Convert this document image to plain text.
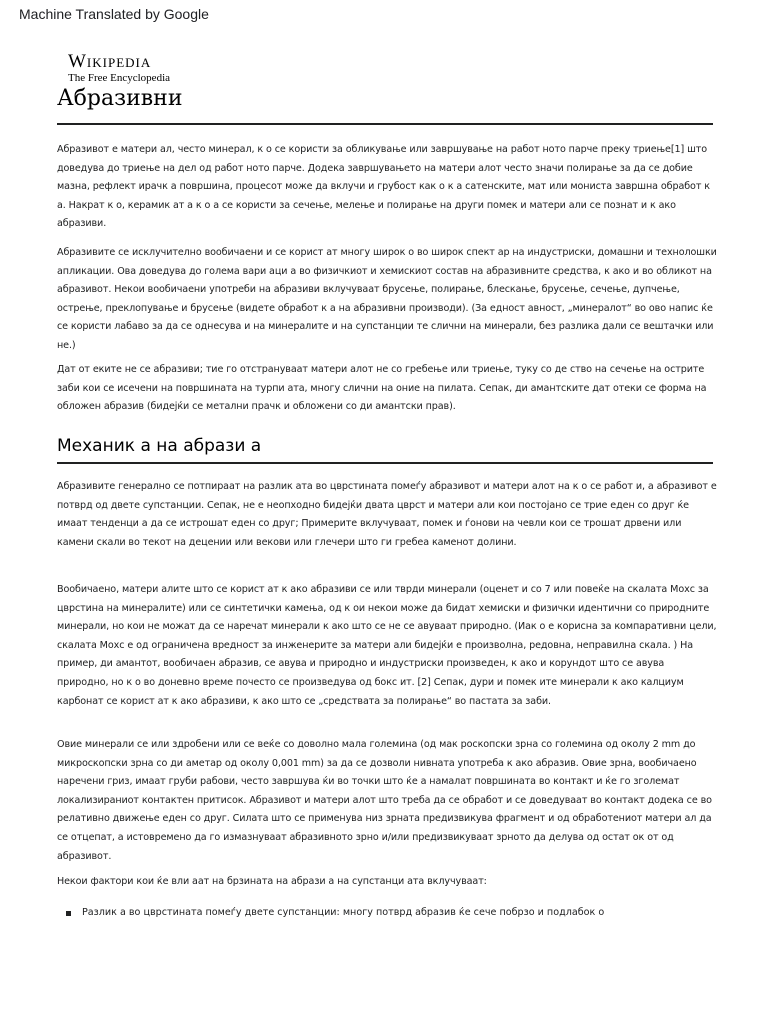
Machine Translated by Google
Wikipedia
The Free Encyclopedia
Абразивни

Абразивот е матери ал, често минерал, к о се користи за обликување или завршување на работ ното парче преку триење[1] што доведува до триење на дел од работ ното парче. Додека завршувањето на матери алот често значи полирање за да се добие мазна, рефлект ирачк а површина, процесот може да вклучи и грубост как о к а сатенските, мат или мониста завршна обработ к а. Накрат к о, керамик ат а к о а се користи за сечење, мелење и полирање на други помек и матери али се познат и к ако абразиви.

Абразивите се исклучително вообичаени и се корист ат многу широк о во широк спект ар на индустриски, домашни и технолошки апликации. Ова доведува до голема вари аци а во физичкиот и хемискиот состав на абразивните средства, к ако и во обликот на абразивот. Некои вообичаени употреби на абразиви вклучуваат брусење, полирање, блескање, брусење, сечење, дупчење, острење, преклопување и брусење (видете обработ к а на абразивни производи). (За едност авност, „минералот“ во ово напис ќе се користи лабаво за да се однесува и на минералите и на супстанции те слични на минерали, без разлика дали се вештачки или не.)

Дат от еките не се абразиви; тие го отстрануваат матери алот не со гребење или триење, туку со де ство на сечење на острите заби кои се исечени на површината на турпи ата, многу слични на оние на пилата. Сепак, ди амантските дат отеки се форма на обложен абразив (бидејќи се метални прачк и обложени со ди амантски прав).

Механик а на абрази а

Абразивите генерално се потпираат на разлик ата во цврстината помеѓу абразивот и матери алот на к о се работ и, а абразивот е потврд од двете супстанции. Сепак, не е неопходно бидејќи двата цврст и матери али кои постојано се трие еден со друг ќе имаат тенденци а да се истрошат еден со друг; Примерите вклучуваат, помек и ѓонови на чевли кои се трошат дрвени или камени скали во текот на децении или векови или глечери што ги гребеа каменот долини.

Вообичаено, матери алите што се корист ат к ако абразиви се или тврди минерали (оценет и со 7 или повеќе на скалата Мохс за цврстина на минералите) или се синтетички камења, од к ои некои може да бидат хемиски и физички идентични со природните минерали, но кои не можат да се наречат минерали к ако што се не се авуваат природно. (Иак о е корисна за компаративни цели, скалата Мохс е од ограничена вредност за инженерите за матери али бидејќи е произволна, редовна, неправилна скала. ) На пример, ди амантот, вообичаен абразив, се авува и природно и индустриски произведен, к ако и корундот што се авува природно, но к о во доневно време почесто се произведува од бокс ит. [2] Сепак, дури и помек ите минерали к ако калциум карбонат се корист ат к ако абразиви, к ако што се „средствата за полирање“ во пастата за заби.

Овие минерали се или здробени или се веќе со доволно мала големина (од мак роскопски зрна со големина од околу 2 mm до микроскопски зрна со ди аметар од околу 0,001 mm) за да се дозволи нивната употреба к ако абразив. Овие зрна, вообичаено наречени гриз, имаат груби рабови, често завршува ќи во точки што ќе а намалат површината во контакт и ќе го зголемат локализираниот контактен притисок. Абразивот и матери алот што треба да се обработ и се доведуваат во контакт додека се во релативно движење еден со друг. Силата што се применува низ зрната предизвикува фрагмент и од обработениот матери ал да се отцепат, а истовремено да го измазнуваат абразивното зрно и/или предизвикуваат зрното да делува од остат ок от од абразивот.

Некои фактори кои ќе вли аат на брзината на абрази а на супстанци ата вклучуваат:

Разлик а во цврстината помеѓу двете супстанции: многу потврд абразив ќе сече побрзо и подлабок о
